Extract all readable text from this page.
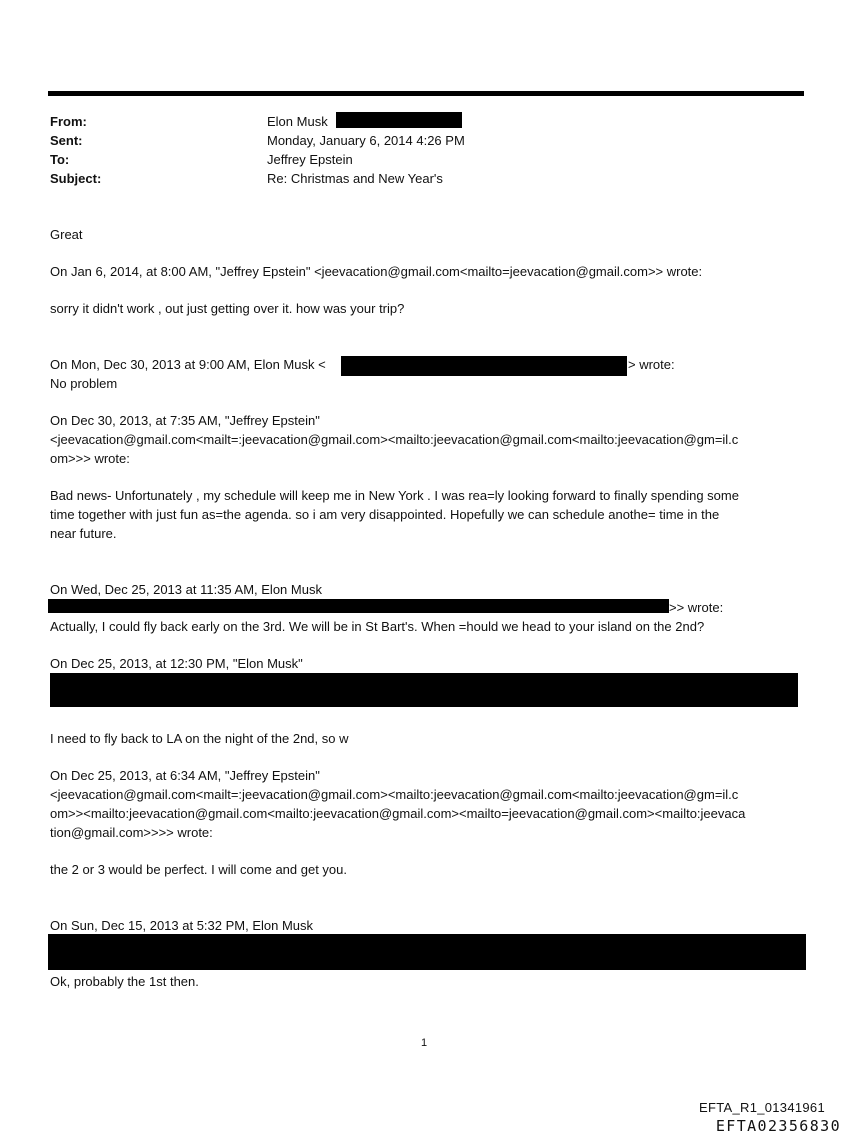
From:	Elon Musk
Sent:	Monday, January 6, 2014 4:26 PM
To:	Jeffrey Epstein
Subject:	Re: Christmas and New Year's
Great
On Jan 6, 2014, at 8:00 AM, "Jeffrey Epstein" <jeevacation@gmail.com<mailto=jeevacation@gmail.com>> wrote:
sorry it didn't work , out just getting over it. how was your trip?
On Mon, Dec 30, 2013 at 9:00 AM, Elon Musk <	> wrote:
No problem
On Dec 30, 2013, at 7:35 AM, "Jeffrey Epstein"
<jeevacation@gmail.com<mailt=:jeevacation@gmail.com><mailto:jeevacation@gmail.com<mailto:jeevacation@gm=il.c
om>>> wrote:
Bad news- Unfortunately , my schedule will keep me in New York . I was rea=ly looking forward to finally spending some
time together with just fun as=the agenda. so i am very disappointed. Hopefully we can schedule anothe= time in the
near future.
On Wed, Dec 25, 2013 at 11:35 AM, Elon Musk
>> wrote:
Actually, I could fly back early on the 3rd. We will be in St Bart's. When =hould we head to your island on the 2nd?
On Dec 25, 2013, at 12:30 PM, "Elon Musk"
I need to fly back to LA on the night of the 2nd, so w
On Dec 25, 2013, at 6:34 AM, "Jeffrey Epstein"
<jeevacation@gmail.com<mailt=:jeevacation@gmail.com><mailto:jeevacation@gmail.com<mailto:jeevacation@gm=il.c
om>><mailto:jeevacation@gmail.com<mailto:jeevacation@gmail.com><mailto=jeevacation@gmail.com><mailto:jeevaca
tion@gmail.com>>>> wrote:
the 2 or 3 would be perfect. I will come and get you.
On Sun, Dec 15, 2013 at 5:32 PM, Elon Musk
Ok, probably the 1st then.
1
EFTA_R1_01341961
EFTA02356830
